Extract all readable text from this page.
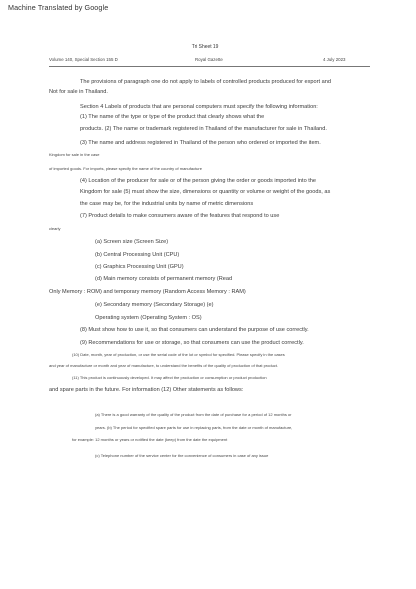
Machine Translated by Google
Tri Sheet 19
Volume 140, Special Section 155 D	Royal Gazette	4 July 2023
The provisions of paragraph one do not apply to labels of controlled products produced for export and
Not for sale in Thailand.
Section 4 Labels of products that are personal computers must specify the following information:
(1) The name of the type or type of the product that clearly shows what the
products. (2) The name or trademark registered in Thailand of the manufacturer for sale in Thailand.
(3) The name and address registered in Thailand of the person who ordered or imported the item.
Kingdom for sale in the case
of imported goods. For imports, please specify the name of the country of manufacture
(4) Location of the producer for sale or of the person giving the order or goods imported into the
Kingdom for sale (5) must show the size, dimensions or quantity or volume or weight of the goods, as
the case may be, for the industrial units by name of metric dimensions
(7) Product details to make consumers aware of the features that respond to use
clearly
(a) Screen size (Screen Size)
(b) Central Processing Unit (CPU)
(c) Graphics Processing Unit (GPU)
(d) Main memory consists of permanent memory (Read
Only Memory : ROM) and temporary memory (Random Access Memory : RAM)
(e) Secondary memory (Secondary Storage) (e)
Operating system (Operating System : OS)
(8) Must show how to use it, so that consumers can understand the purpose of use correctly.
(9) Recommendations for use or storage, so that consumers can use the product correctly.
(10) Date, month, year of production, or use the serial code of the lot or symbol for specified. Please specify in the cases
and year of manufacture or month and year of manufacture, to understand the benefits of the quality of production of that product.
(11) This product is continuously developed. It may affect the production or consumption or product production
and spare parts in the future. For information (12) Other statements as follows:
(a) There is a good warranty of the quality of the product from the date of purchase for a period of 12 months or
years. (b) The period for specified spare parts for use in replacing parts, from the date or month of manufacture,
for example: 12 months or years or notified the date (keep) from the date the equipment
(c) Telephone number of the service center for the convenience of consumers in case of any issue
